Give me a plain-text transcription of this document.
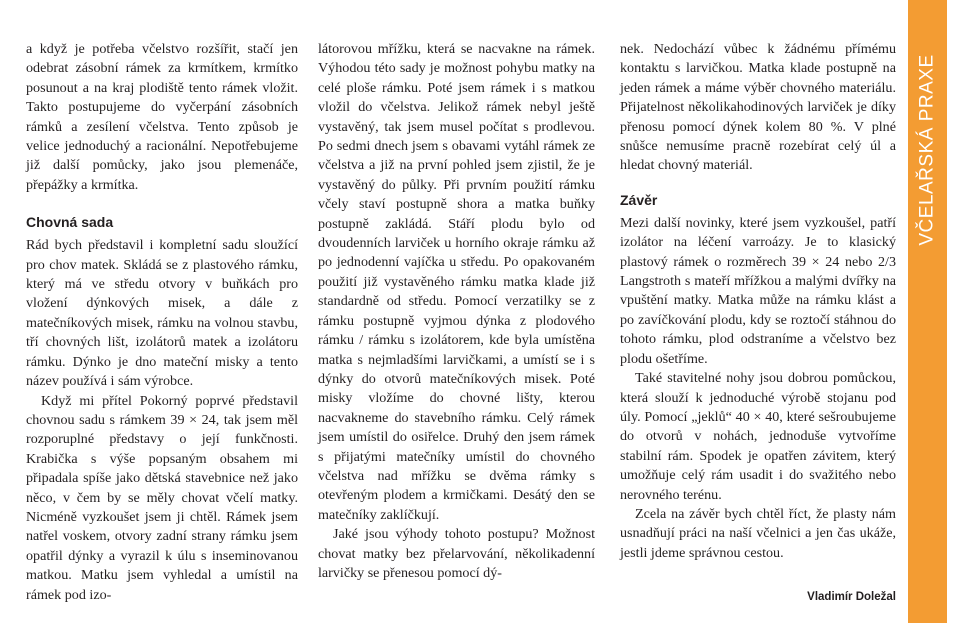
a když je potřeba včelstvo rozšířit, stačí jen odebrat zásobní rámek za krmítkem, krmítko posunout a na kraj plodiště tento rámek vložit. Takto postupujeme do vyčerpání zásobních rámků a zesílení včelstva. Tento způsob je velice jednoduchý a racionální. Nepotřebujeme již další pomůcky, jako jsou plemenáče, přepážky a krmítka.

Chovná sada

Rád bych představil i kompletní sadu sloužící pro chov matek. Skládá se z plastového rámku, který má ve středu otvory v buňkách pro vložení dýnkových misek, a dále z matečníkových misek, rámku na volnou stavbu, tří chovných lišt, izolátorů matek a izolátoru rámku. Dýnko je dno mateční misky a tento název používá i sám výrobce.

Když mi přítel Pokorný poprvé představil chovnou sadu s rámkem 39 × 24, tak jsem měl rozporuplné představy o její funkčnosti. Krabička s výše popsaným obsahem mi připadala spíše jako dětská stavebnice než jako něco, v čem by se měly chovat včelí matky. Nicméně vyzkoušet jsem ji chtěl. Rámek jsem natřel voskem, otvory zadní strany rámku jsem opatřil dýnky a vyrazil k úlu s inseminovanou matkou. Matku jsem vyhledal a umístil na rámek pod izo-

látorovou mřížku, která se nacvakne na rámek. Výhodou této sady je možnost pohybu matky na celé ploše rámku. Poté jsem rámek i s matkou vložil do včelstva. Jelikož rámek nebyl ještě vystavěný, tak jsem musel počítat s prodlevou. Po sedmi dnech jsem s obavami vytáhl rámek ze včelstva a již na první pohled jsem zjistil, že je vystavěný do půlky. Při prvním použití rámku včely staví postupně shora a matka buňky postupně zakládá. Stáří plodu bylo od dvoudenních larviček u horního okraje rámku až po jednodenní vajíčka u středu. Po opakovaném použití již vystavěného rámku matka klade již standardně od středu. Pomocí verzatilky se z rámku postupně vyjmou dýnka z plodového rámku / rámku s izolátorem, kde byla umístěna matka s nejmladšími larvičkami, a umístí se i s dýnky do otvorů matečníkových misek. Poté misky vložíme do chovné lišty, kterou nacvakneme do stavebního rámku. Celý rámek jsem umístil do osiřelce. Druhý den jsem rámek s přijatými matečníky umístil do chovného včelstva nad mřížku se dvěma rámky s otevřeným plodem a krmičkami. Desátý den se matečníky zaklíčkují.

Jaké jsou výhody tohoto postupu? Možnost chovat matky bez přelarvování, několikadenní larvičky se přenesou pomocí dý-

nek. Nedochází vůbec k žádnému přímému kontaktu s larvičkou. Matka klade postupně na jeden rámek a máme výběr chovného materiálu. Přijatelnost několikahodinových larviček je díky přenosu pomocí dýnek kolem 80 %. V plné snůšce nemusíme pracně rozebírat celý úl a hledat chovný materiál.

Závěr

Mezi další novinky, které jsem vyzkoušel, patří izolátor na léčení varroázy. Je to klasický plastový rámek o rozměrech 39 × 24 nebo 2/3 Langstroth s mateří mřížkou a malými dvířky na vpuštění matky. Matka může na rámku klást a po zavíčkování plodu, kdy se roztočí stáhnou do tohoto rámku, plod odstraníme a včelstvo bez plodu ošetříme.

Také stavitelné nohy jsou dobrou pomůckou, která slouží k jednoduché výrobě stojanu pod úly. Pomocí „jeklů“ 40 × 40, které sešroubujeme do otvorů v nohách, jednoduše vytvoříme stabilní rám. Spodek je opatřen závitem, který umožňuje celý rám usadit i do svažitého nebo nerovného terénu.

Zcela na závěr bych chtěl říct, že plasty nám usnadňují práci na naší včelnici a jen čas ukáže, jestli jdeme správnou cestou.

Vladimír Doležal
VČELAŘSKÁ PRAXE
